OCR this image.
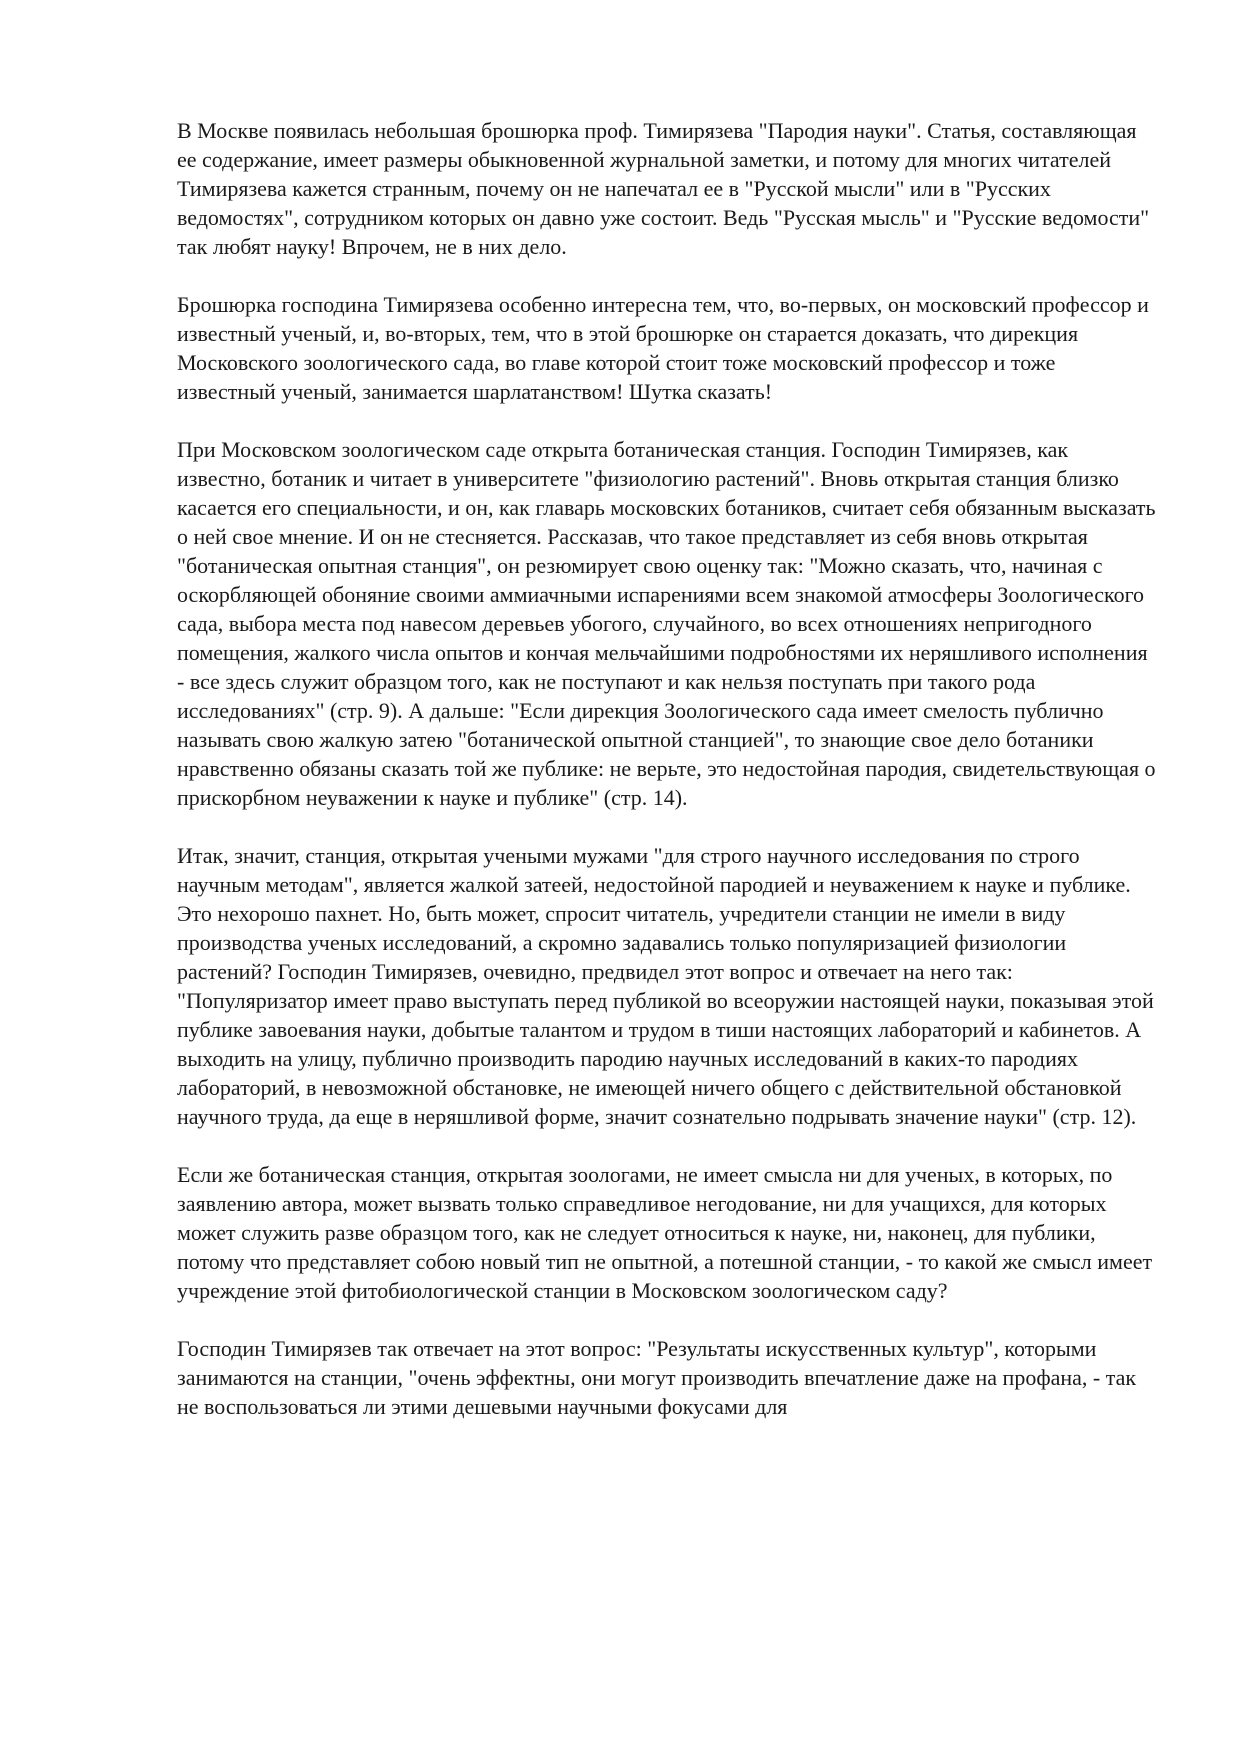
В Москве появилась небольшая брошюрка проф. Тимирязева "Пародия науки". Статья, составляющая ее содержание, имеет размеры обыкновенной журнальной заметки, и потому для многих читателей Тимирязева кажется странным, почему он не напечатал ее в "Русской мысли" или в "Русских ведомостях", сотрудником которых он давно уже состоит. Ведь "Русская мысль" и "Русские ведомости" так любят науку! Впрочем, не в них дело.

Брошюрка господина Тимирязева особенно интересна тем, что, во-первых, он московский профессор и известный ученый, и, во-вторых, тем, что в этой брошюрке он старается доказать, что дирекция Московского зоологического сада, во главе которой стоит тоже московский профессор и тоже известный ученый, занимается шарлатанством! Шутка сказать!

При Московском зоологическом саде открыта ботаническая станция. Господин Тимирязев, как известно, ботаник и читает в университете "физиологию растений". Вновь открытая станция близко касается его специальности, и он, как главарь московских ботаников, считает себя обязанным высказать о ней свое мнение. И он не стесняется. Рассказав, что такое представляет из себя вновь открытая "ботаническая опытная станция", он резюмирует свою оценку так: "Можно сказать, что, начиная с оскорбляющей обоняние своими аммиачными испарениями всем знакомой атмосферы Зоологического сада, выбора места под навесом деревьев убогого, случайного, во всех отношениях непригодного помещения, жалкого числа опытов и кончая мельчайшими подробностями их неряшливого исполнения - все здесь служит образцом того, как не поступают и как нельзя поступать при такого рода исследованиях" (стр. 9). А дальше: "Если дирекция Зоологического сада имеет смелость публично называть свою жалкую затею "ботанической опытной станцией", то знающие свое дело ботаники нравственно обязаны сказать той же публике: не верьте, это недостойная пародия, свидетельствующая о прискорбном неуважении к науке и публике" (стр. 14).

Итак, значит, станция, открытая учеными мужами "для строго научного исследования по строго научным методам", является жалкой затеей, недостойной пародией и неуважением к науке и публике. Это нехорошо пахнет. Но, быть может, спросит читатель, учредители станции не имели в виду производства ученых исследований, а скромно задавались только популяризацией физиологии растений? Господин Тимирязев, очевидно, предвидел этот вопрос и отвечает на него так: "Популяризатор имеет право выступать перед публикой во всеоружии настоящей науки, показывая этой публике завоевания науки, добытые талантом и трудом в тиши настоящих лабораторий и кабинетов. А выходить на улицу, публично производить пародию научных исследований в каких-то пародиях лабораторий, в невозможной обстановке, не имеющей ничего общего с действительной обстановкой научного труда, да еще в неряшливой форме, значит сознательно подрывать значение науки" (стр. 12).

Если же ботаническая станция, открытая зоологами, не имеет смысла ни для ученых, в которых, по заявлению автора, может вызвать только справедливое негодование, ни для учащихся, для которых может служить разве образцом того, как не следует относиться к науке, ни, наконец, для публики, потому что представляет собою новый тип не опытной, а потешной станции, - то какой же смысл имеет учреждение этой фитобиологической станции в Московском зоологическом саду?

Господин Тимирязев так отвечает на этот вопрос: "Результаты искусственных культур", которыми занимаются на станции, "очень эффектны, они могут производить впечатление даже на профана, - так не воспользоваться ли этими дешевыми научными фокусами для
